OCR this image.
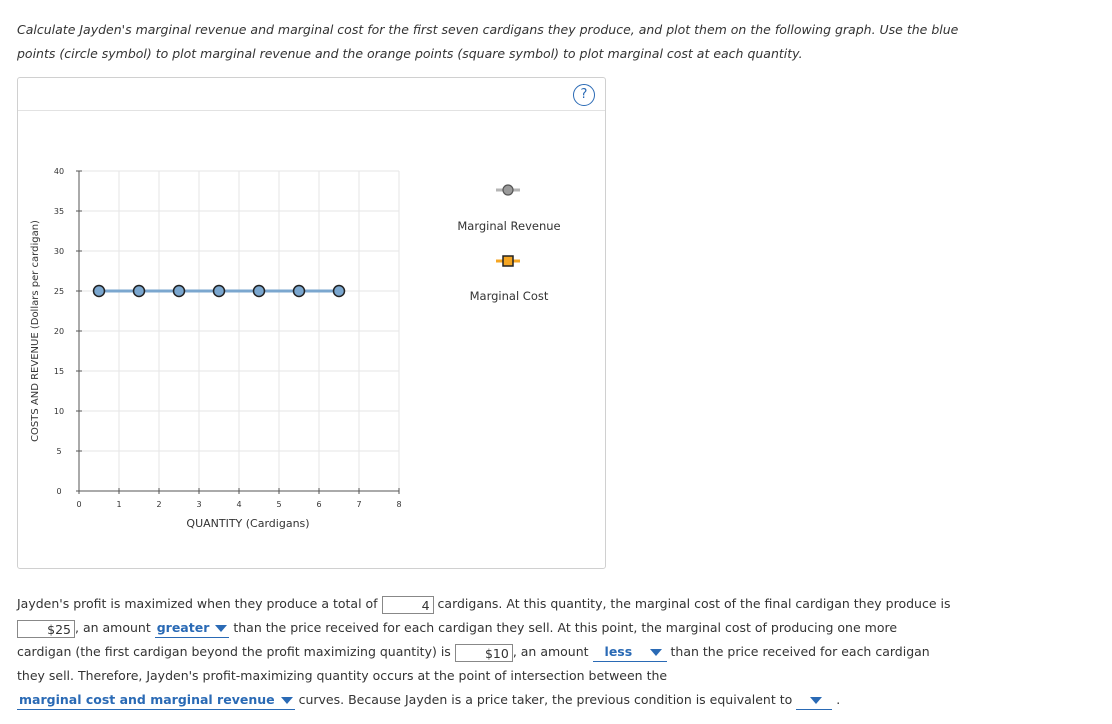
Calculate Jayden's marginal revenue and marginal cost for the first seven cardigans they produce, and plot them on the following graph. Use the blue
points (circle symbol) to plot marginal revenue and the orange points (square symbol) to plot marginal cost at each quantity.
?
0	1	2	3	4	5	6	7	8
0
5
10
15
20
25
30
35
40
QUANTITY (Cardigans)
COSTS AND REVENUE (Dollars per cardigan)	Marginal Revenue
Marginal Cost
Jayden's profit is maximized when they produce a total of	4 cardigans. At this quantity, the marginal cost of the final cardigan they produce is
$25 , an amount greater than the price received for each cardigan they sell. At this point, the marginal cost of producing one more
cardigan (the first cardigan beyond the profit maximizing quantity) is	$10 , an amount less	than the price received for each cardigan
they sell. Therefore, Jayden's profit-maximizing quantity occurs at the point of intersection between the
marginal cost and marginal revenue curves. Because Jayden is a price taker, the previous condition is equivalent to	.
